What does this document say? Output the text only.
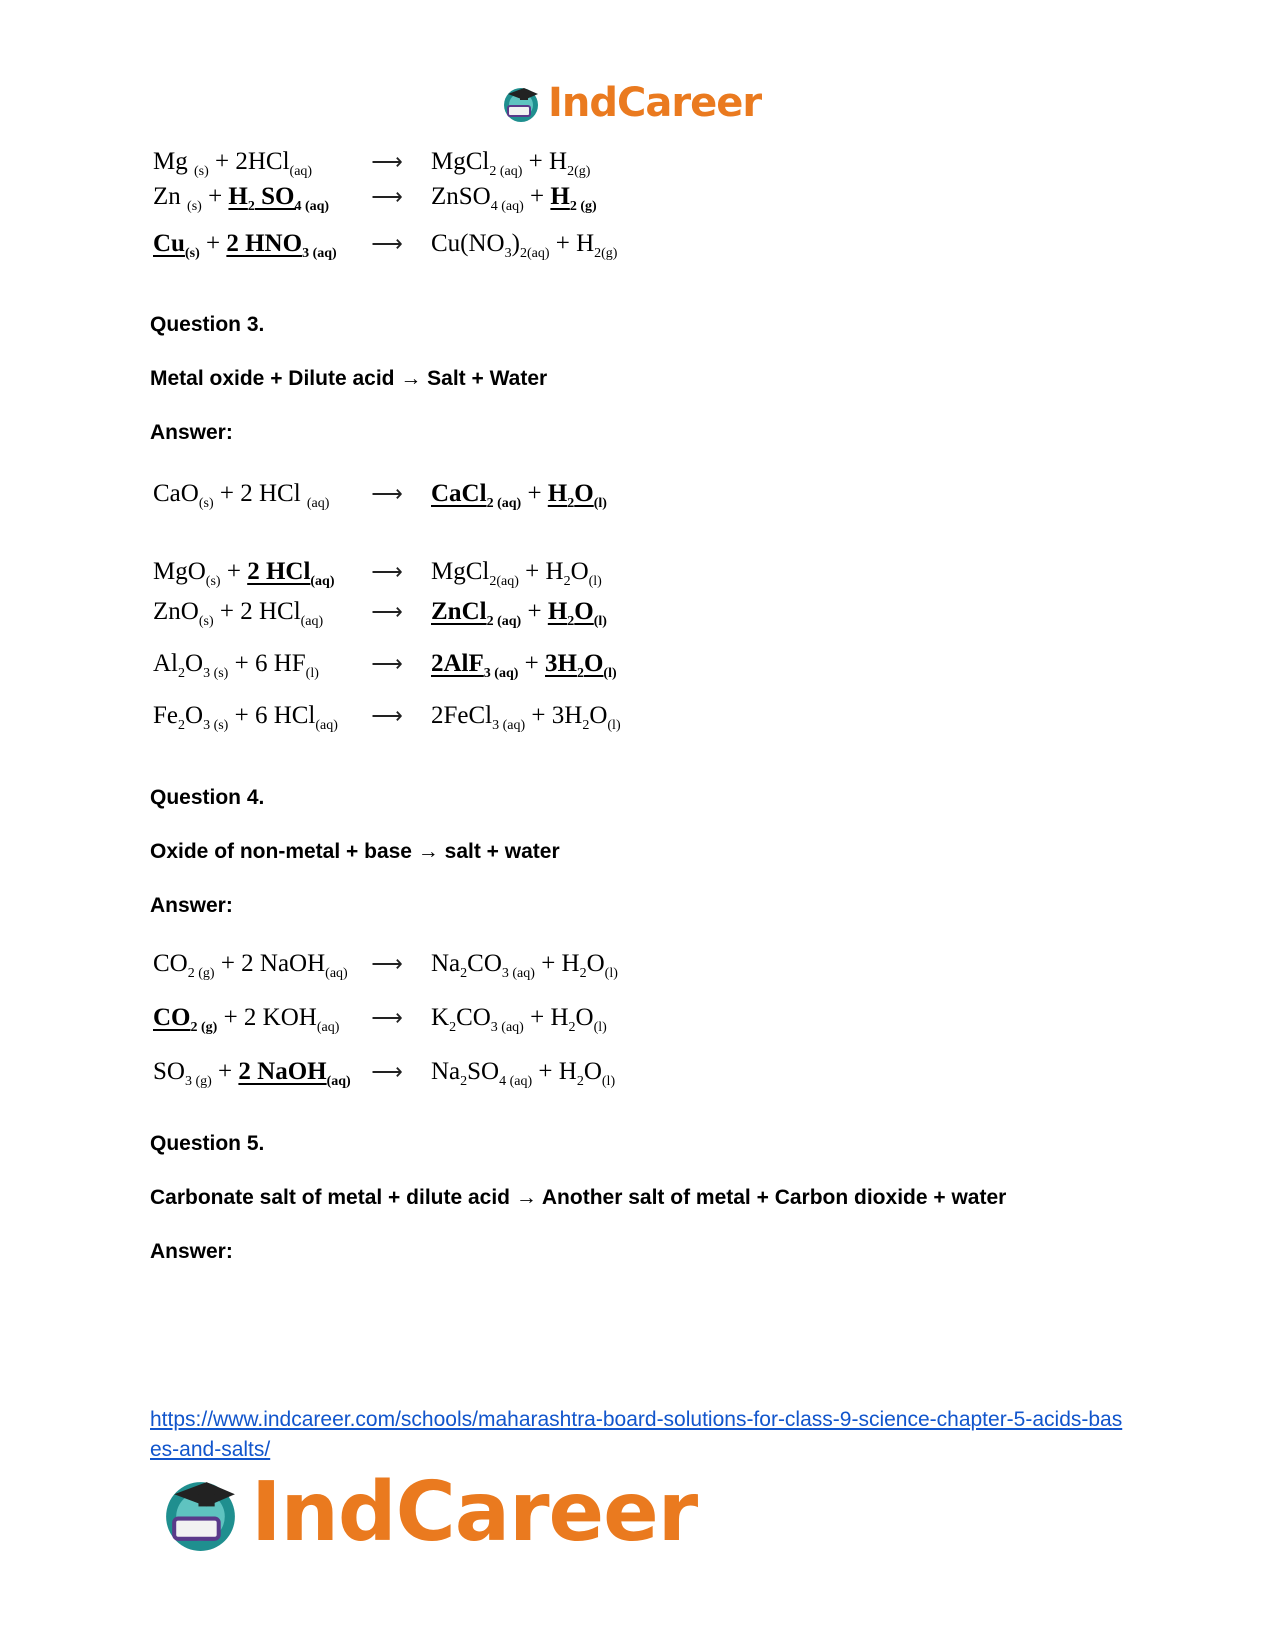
IndCareer
Mg $_{(s)}$ + 2HCl$_{(aq)}$	⟶	MgCl$_{2 (aq)}$ + $H_{2(g)}$
Zn $_{(s)} + H_2$ $SO_{4 (aq)}$	⟶	ZnSO$_{4 (aq)}$ + $H_{2 (g)}$
$Cu_{(s)} + 2$ $HNO_{3 (aq)}$	⟶	$Cu(NO_3)_{2(aq)} + H_{2(g)}$
Question 3.
Metal oxide + Dilute acid → Salt + Water
Answer:
CaO$_{(s)}$ + 2 HCl $_{(aq)}$	⟶	CaCl$_{2 (aq)}$ + $H_2O_{(l)}$
MgO$_{(s)}$ + 2 HCl$_{(aq)}$	⟶	MgCl$_{2(aq)}$ + $H_2O_{(l)}$
ZnO$_{(s)}$ + 2 HCl$_{(aq)}$	⟶	ZnCl$_{2 (aq)}$ + $H_2O_{(l)}$
$Al_2O_{3 (s)} + 6$ $HF_{(l)}$	⟶	$2AlF_{3 (aq)} + 3H_2O_{(l)}$
$Fe_2O_{3 (s)} + 6$ HCl$_{(aq)}$	⟶	2FeCl$_{3 (aq)}$ + $3H_2O_{(l)}$
Question 4.
Oxide of non-metal + base → salt + water
Answer:
$CO_{2 (g)} + 2$ NaOH$_{(aq)}$	⟶	$Na_2CO_{3 (aq)} + H_2O_{(l)}$
$CO_{2 (g)} + 2$ $KOH_{(aq)}$	⟶	$K_2CO_{3 (aq)} + H_2O_{(l)}$
$SO_{3 (g)} + 2$ NaOH$_{(aq)}$ ⟶	$Na_2SO_{4 (aq)} + H_2O_{(l)}$
Question 5.
Carbonate salt of metal + dilute acid → Another salt of metal + Carbon dioxide + water
Answer:
https://www.indcareer.com/schools/maharashtra-board-solutions-for-class-9-science-chapter-5-acids-bases-and-salts/
IndCareer
